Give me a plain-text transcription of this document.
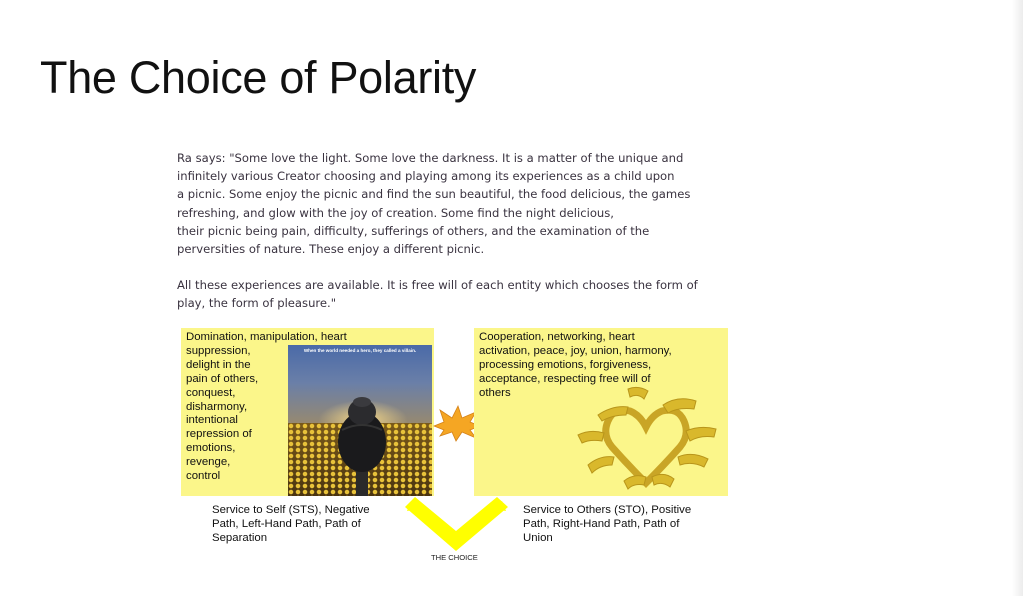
The Choice of Polarity
Ra says: "Some love the light. Some love the darkness. It is a matter of the unique and
infinitely various Creator choosing and playing among its experiences as a child upon
a picnic. Some enjoy the picnic and find the sun beautiful, the food delicious, the games
refreshing, and glow with the joy of creation. Some find the night delicious,
their picnic being pain, difficulty, sufferings of others, and the examination of the
perversities of nature. These enjoy a different picnic.
All these experiences are available. It is free will of each entity which chooses the form of
play, the form of pleasure."
Domination, manipulation, heart
suppression,
delight in the
pain of others,
conquest,
disharmony,
intentional
repression of
emotions,
revenge,
control
When the world needed a hero, they called a villain.
Cooperation, networking, heart
activation, peace, joy, union, harmony,
processing emotions, forgiveness,
acceptance, respecting free will of
others
Service to Self (STS), Negative
Path, Left-Hand Path, Path of
Separation
Service to Others (STO), Positive
Path, Right-Hand Path, Path of
Union
THE CHOICE
